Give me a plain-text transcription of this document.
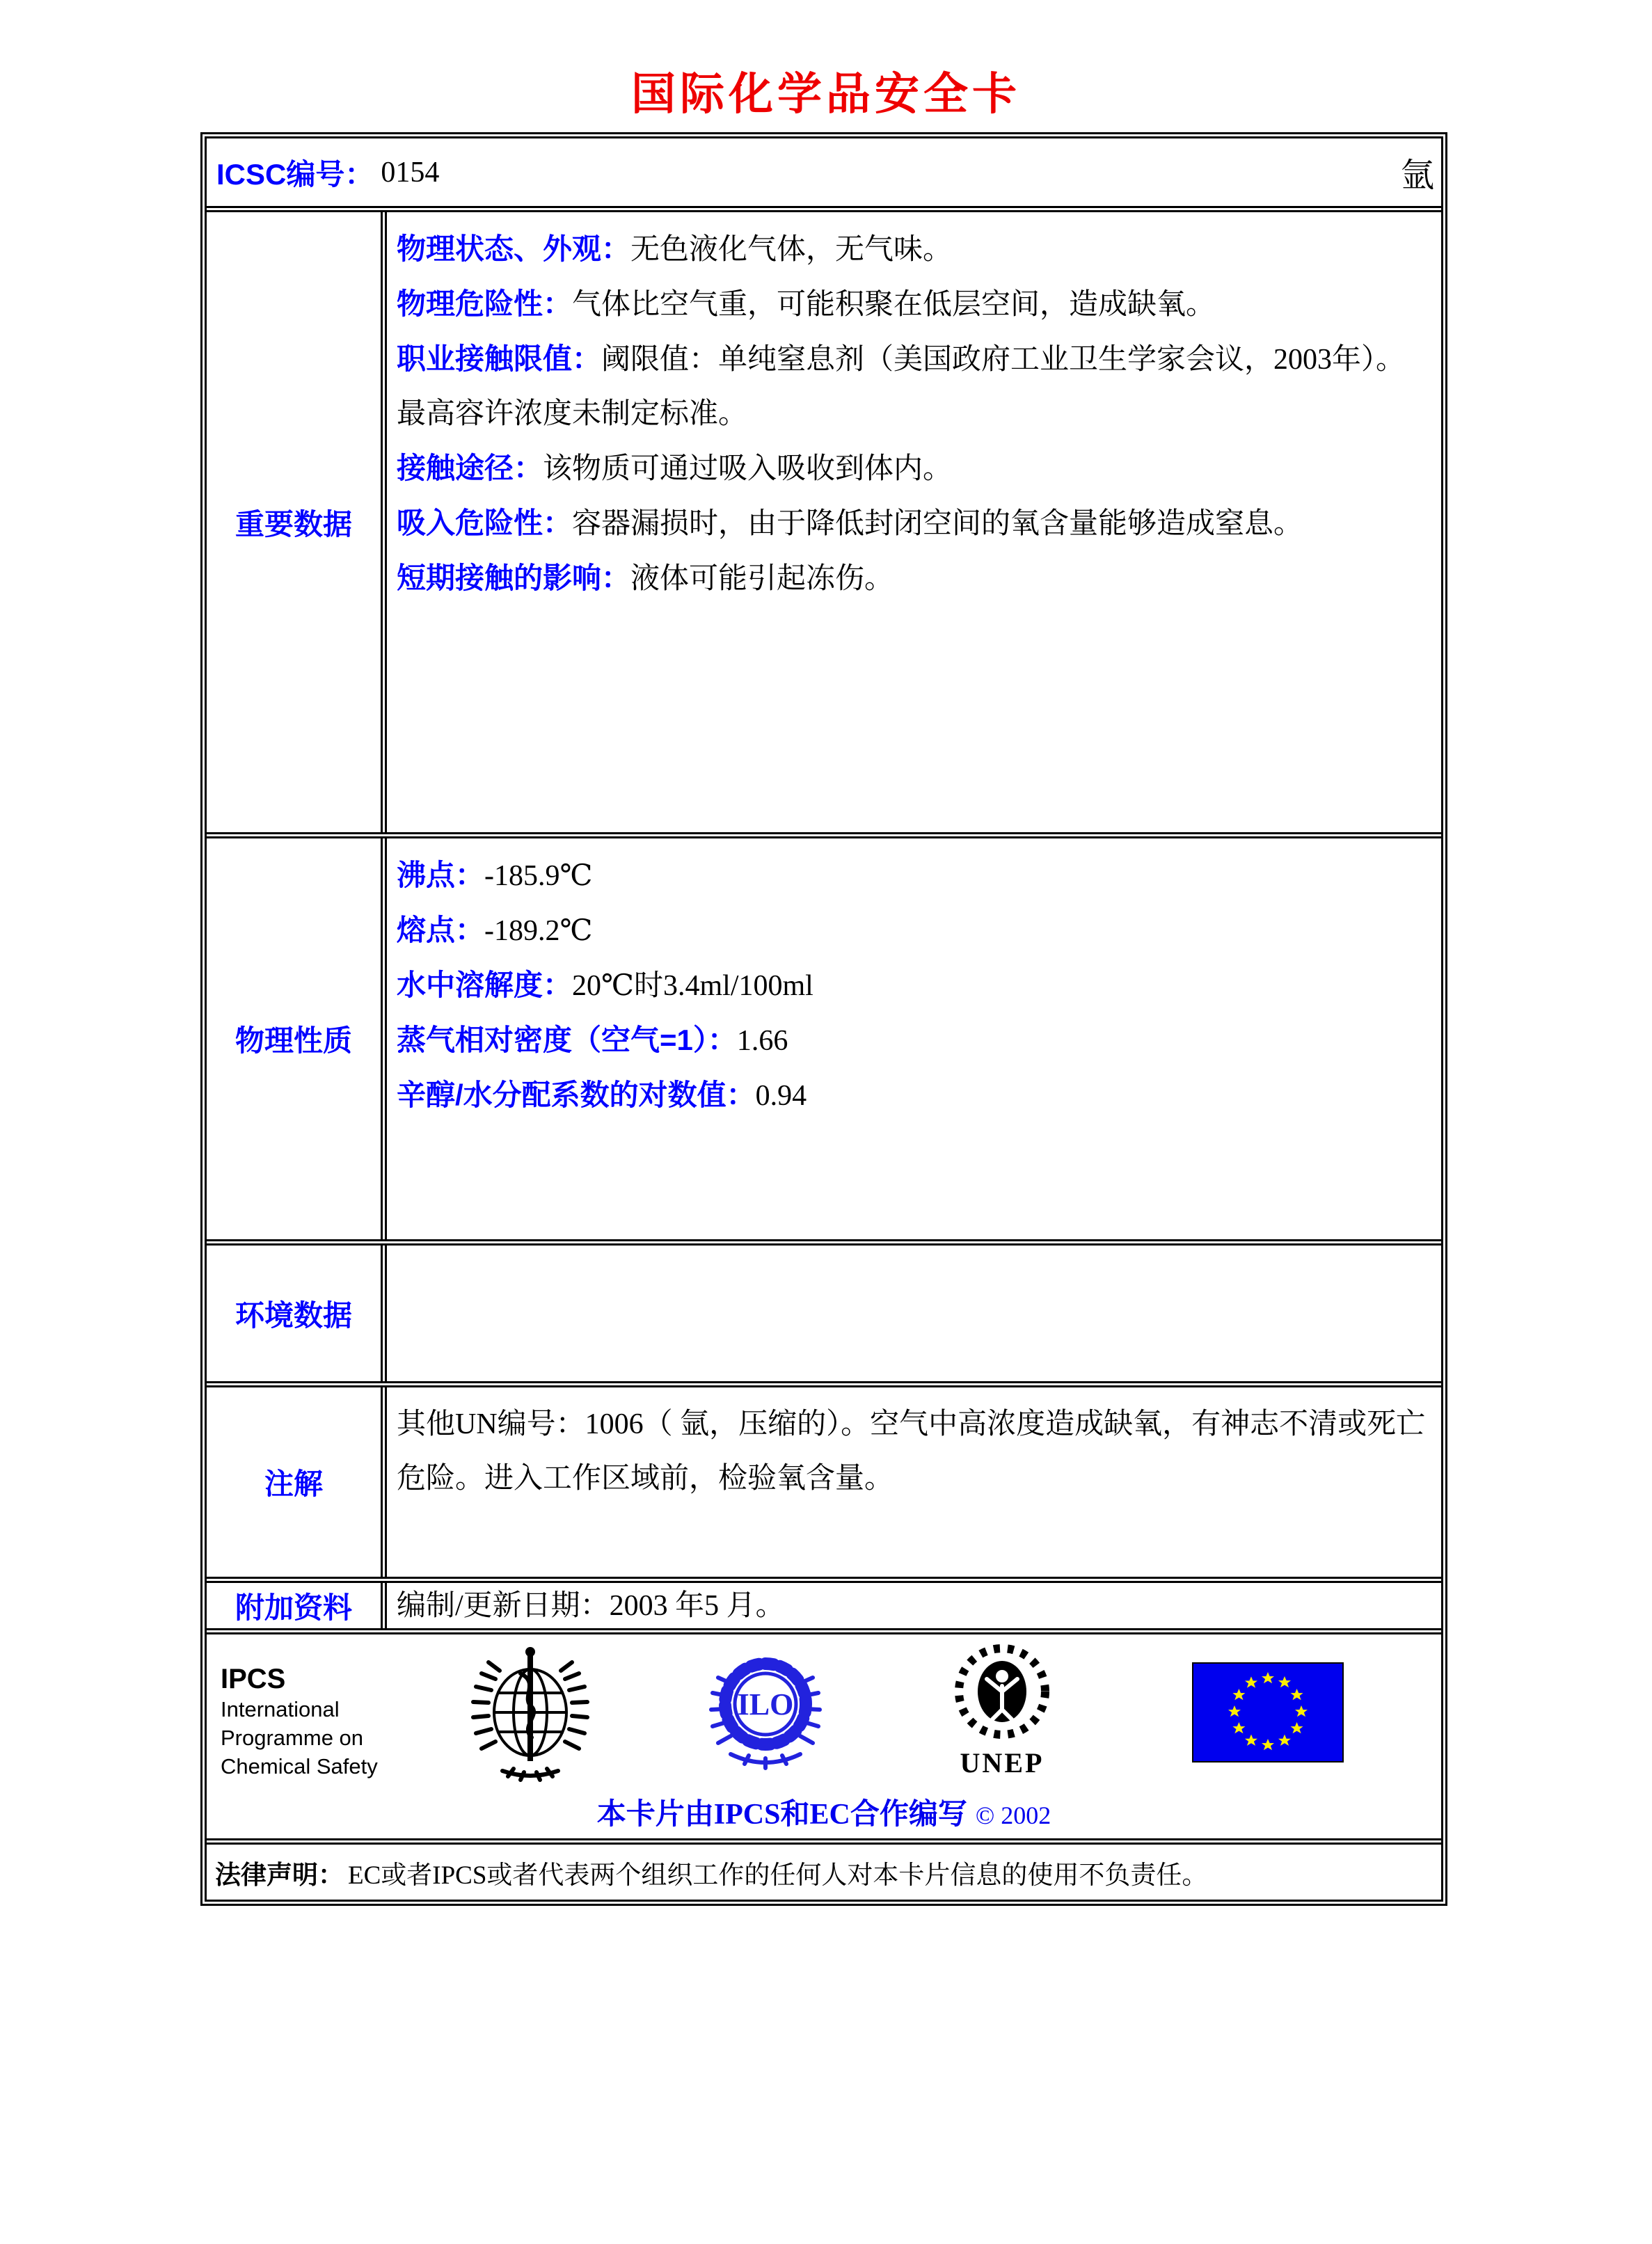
国际化学品安全卡
ICSC编号： 0154	氩
重要数据

物理状态、外观：无色液化气体，无气味。

物理危险性：气体比空气重，可能积聚在低层空间，造成缺氧。

职业接触限值：阈限值：单纯窒息剂（美国政府工业卫生学家会议，2003年）。最高容许浓度未制定标准。

接触途径：该物质可通过吸入吸收到体内。

吸入危险性：容器漏损时，由于降低封闭空间的氧含量能够造成窒息。

短期接触的影响：液体可能引起冻伤。

物理性质

沸点：-185.9℃

熔点：-189.2℃

水中溶解度：20℃时3.4ml/100ml

蒸气相对密度（空气=1）：1.66

辛醇/水分配系数的对数值：0.94

环境数据
注解

其他UN编号：1006（ 氩，压缩的）。空气中高浓度造成缺氧，有神志不清或死亡危险。进入工作区域前，检验氧含量。

附加资料	编制/更新日期：2003 年5 月。
IPCS
International
Programme on
Chemical Safety
ILO
UNEP
本卡片由IPCS和EC合作编写 © 2002
法律声明： EC或者IPCS或者代表两个组织工作的任何人对本卡片信息的使用不负责任。
